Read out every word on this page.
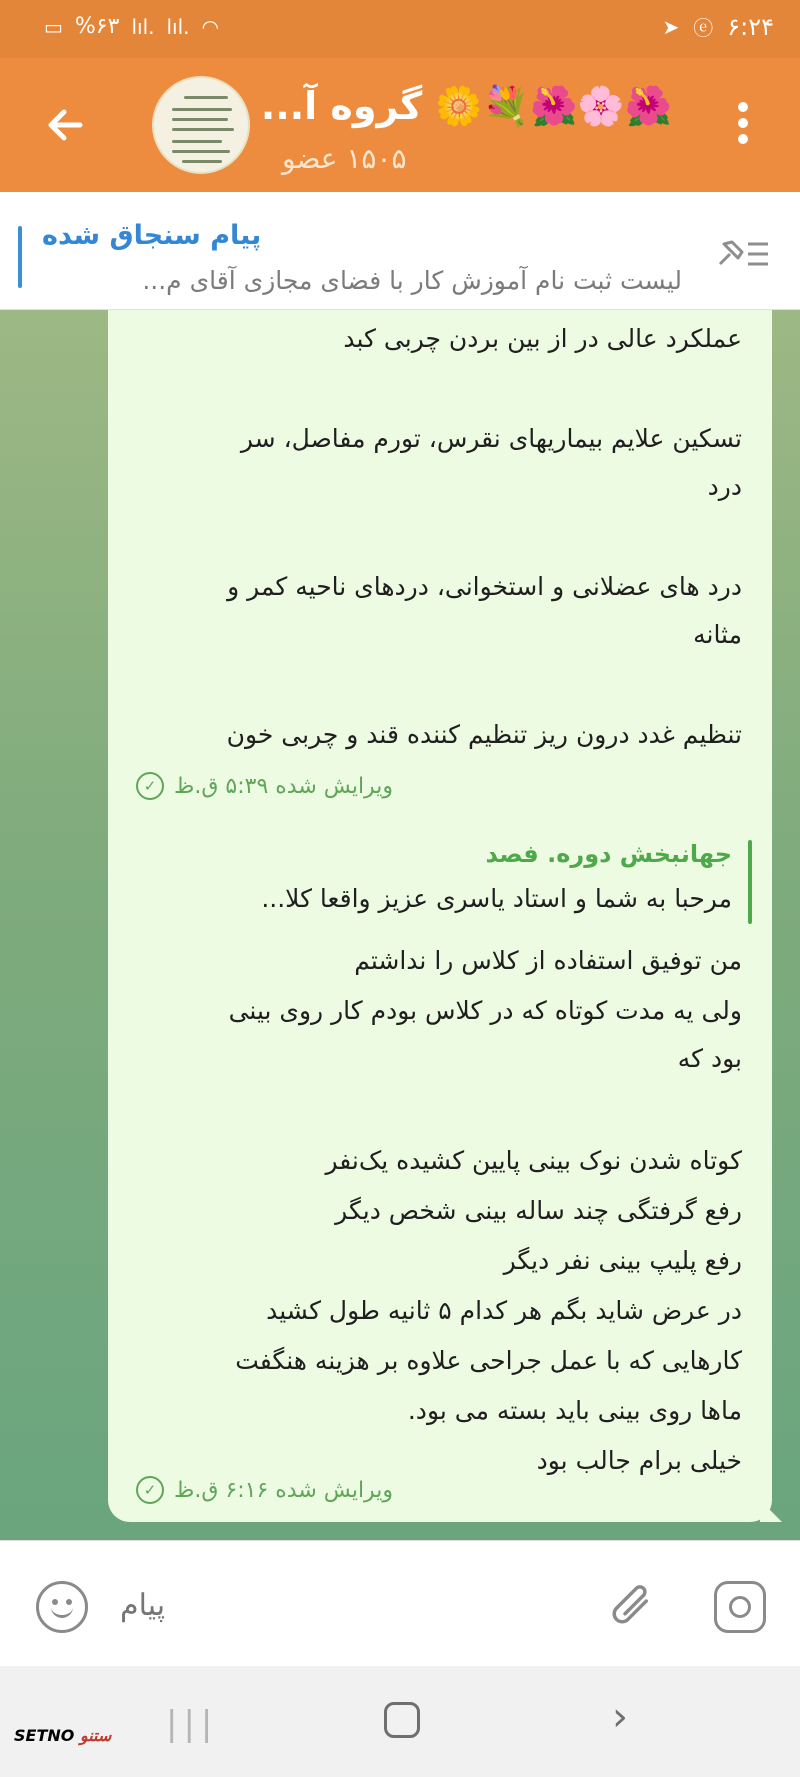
▭ %۶۳ lıl. lıl. ◠	➤ ⓔ ۶:۲۴
🌺🌸🌺💐🌼 گروه آ...
۱۵۰۵ عضو
پیام سنجاق شده
لیست ثبت نام آموزش کار با فضای مجازی آقای م...
عملکرد عالی در از بین بردن چربی کبد
تسکین علایم بیماریهای نقرس، تورم مفاصل، سر
درد
درد های عضلانی و استخوانی، دردهای ناحیه کمر و
مثانه
تنظیم غدد درون ریز تنظیم کننده قند و چربی خون
ویرایش شده ۵:۳۹ ق.ظ
✓
جهانبخش دوره. فصد
مرحبا به شما و استاد یاسری عزیز واقعا کلا...
من توفیق استفاده از کلاس را نداشتم
ولی یه مدت کوتاه که در کلاس بودم کار روی بینی
بود که
کوتاه شدن نوک بینی پایین کشیده یک‌نفر
رفع گرفتگی چند ساله بینی شخص دیگر
رفع پلیپ بینی نفر دیگر
در عرض شاید بگم هر کدام ۵ ثانیه طول کشید
کارهایی که با عمل جراحی علاوه بر هزینه هنگفت
ماها روی بینی باید بسته می بود.
خیلی برام جالب بود
ویرایش شده ۶:۱۶ ق.ظ
✓
پیام
SETNO ستنو |||	›
